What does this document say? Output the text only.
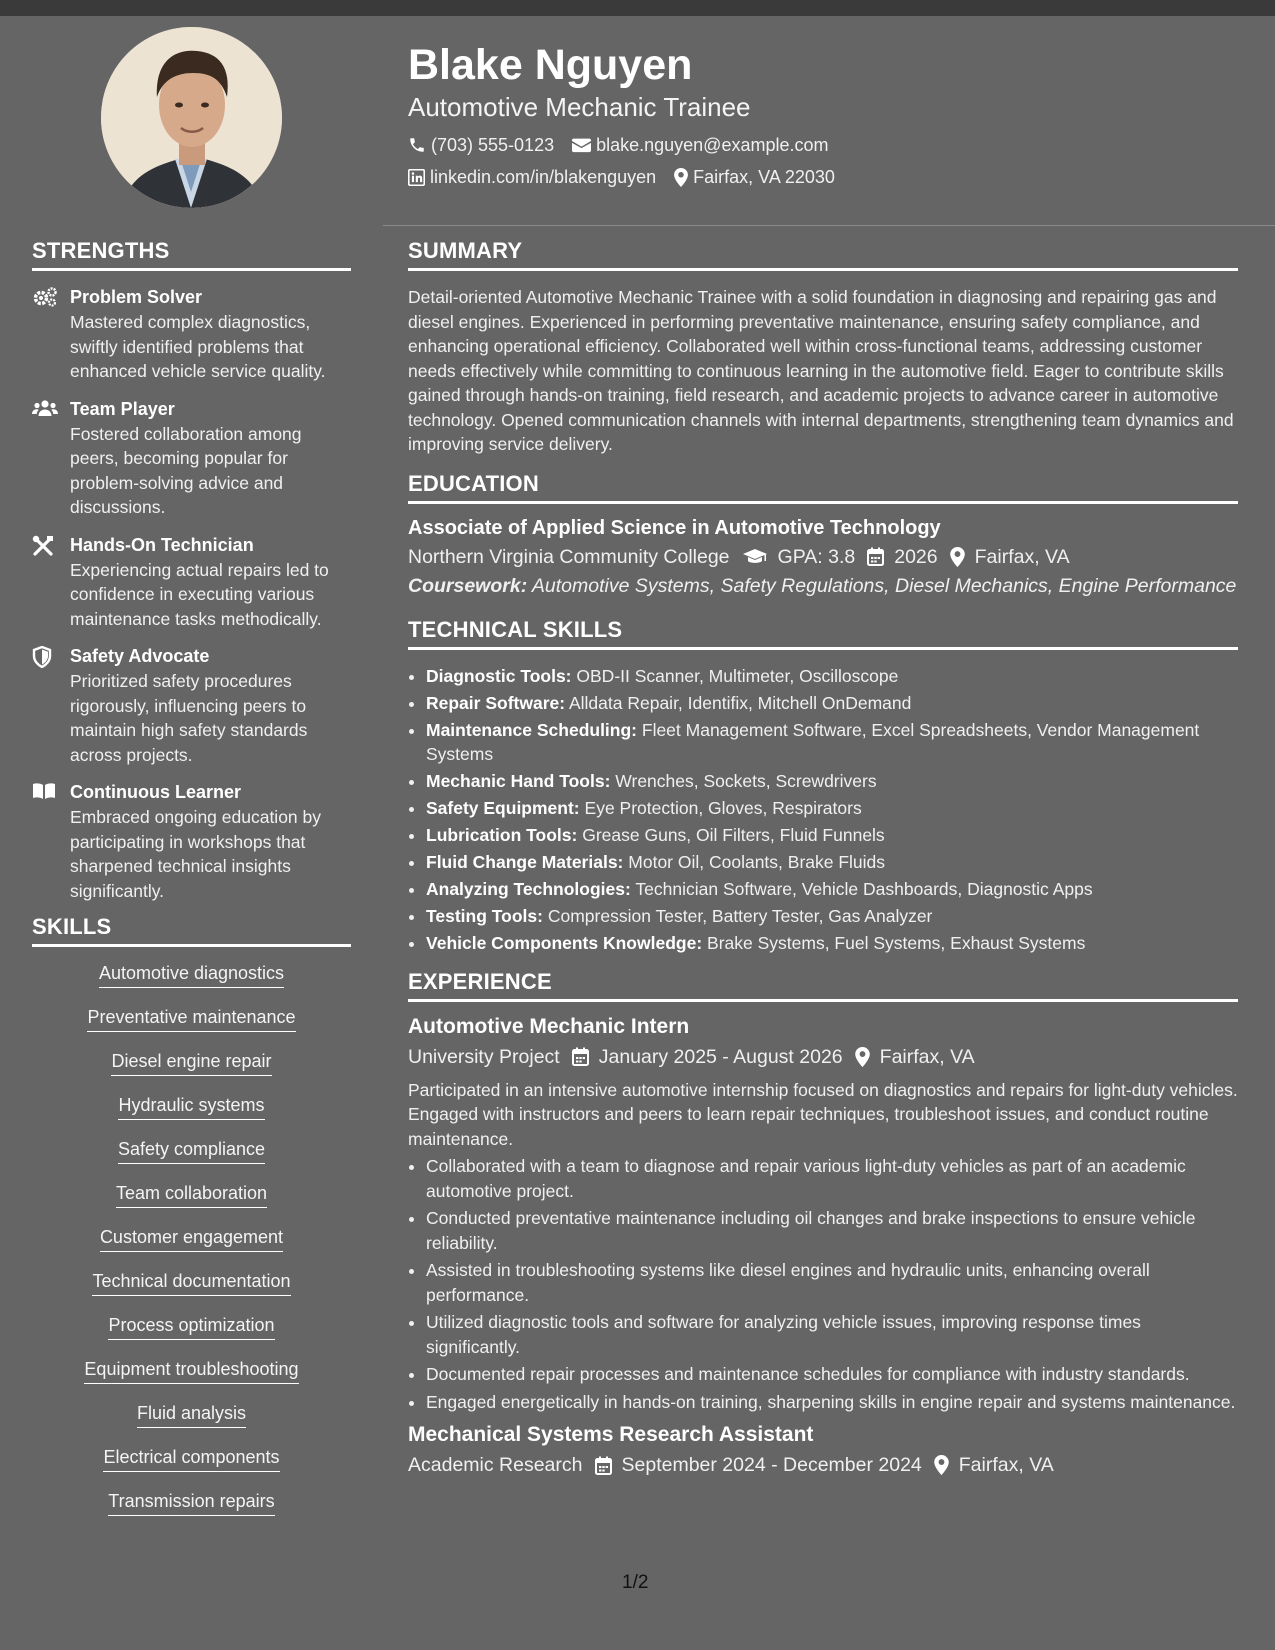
Blake Nguyen
Automotive Mechanic Trainee
(703) 555-0123 blake.nguyen@example.com
linkedin.com/in/blakenguyen Fairfax, VA 22030
STRENGTHS
Problem Solver
Mastered complex diagnostics, swiftly identified problems that enhanced vehicle service quality.
Team Player
Fostered collaboration among peers, becoming popular for problem-solving advice and discussions.
Hands-On Technician
Experiencing actual repairs led to confidence in executing various maintenance tasks methodically.
Safety Advocate
Prioritized safety procedures rigorously, influencing peers to maintain high safety standards across projects.
Continuous Learner
Embraced ongoing education by participating in workshops that sharpened technical insights significantly.
SKILLS
Automotive diagnostics
Preventative maintenance
Diesel engine repair
Hydraulic systems
Safety compliance
Team collaboration
Customer engagement
Technical documentation
Process optimization
Equipment troubleshooting
Fluid analysis
Electrical components
Transmission repairs
SUMMARY

Detail-oriented Automotive Mechanic Trainee with a solid foundation in diagnosing and repairing gas and diesel engines. Experienced in performing preventative maintenance, ensuring safety compliance, and enhancing operational efficiency. Collaborated well within cross-functional teams, addressing customer needs effectively while committing to continuous learning in the automotive field. Eager to contribute skills gained through hands-on training, field research, and academic projects to advance career in automotive technology. Opened communication channels with internal departments, strengthening team dynamics and improving service delivery.

EDUCATION
Associate of Applied Science in Automotive Technology
Northern Virginia Community College GPA: 3.8 2026 Fairfax, VA
Coursework: Automotive Systems, Safety Regulations, Diesel Mechanics, Engine Performance
TECHNICAL SKILLS
• Diagnostic Tools: OBD-II Scanner, Multimeter, Oscilloscope
• Repair Software: Alldata Repair, Identifix, Mitchell OnDemand
• Maintenance Scheduling: Fleet Management Software, Excel Spreadsheets, Vendor Management Systems
• Mechanic Hand Tools: Wrenches, Sockets, Screwdrivers
• Safety Equipment: Eye Protection, Gloves, Respirators
• Lubrication Tools: Grease Guns, Oil Filters, Fluid Funnels
• Fluid Change Materials: Motor Oil, Coolants, Brake Fluids
• Analyzing Technologies: Technician Software, Vehicle Dashboards, Diagnostic Apps
• Testing Tools: Compression Tester, Battery Tester, Gas Analyzer
• Vehicle Components Knowledge: Brake Systems, Fuel Systems, Exhaust Systems
EXPERIENCE
Automotive Mechanic Intern
University Project January 2025 - August 2026 Fairfax, VA
Participated in an intensive automotive internship focused on diagnostics and repairs for light-duty vehicles. Engaged with instructors and peers to learn repair techniques, troubleshoot issues, and conduct routine maintenance.
• Collaborated with a team to diagnose and repair various light-duty vehicles as part of an academic automotive project.
• Conducted preventative maintenance including oil changes and brake inspections to ensure vehicle reliability.
• Assisted in troubleshooting systems like diesel engines and hydraulic units, enhancing overall performance.
• Utilized diagnostic tools and software for analyzing vehicle issues, improving response times significantly.
• Documented repair processes and maintenance schedules for compliance with industry standards.
• Engaged energetically in hands-on training, sharpening skills in engine repair and systems maintenance.
Mechanical Systems Research Assistant
Academic Research September 2024 - December 2024 Fairfax, VA
1/2
